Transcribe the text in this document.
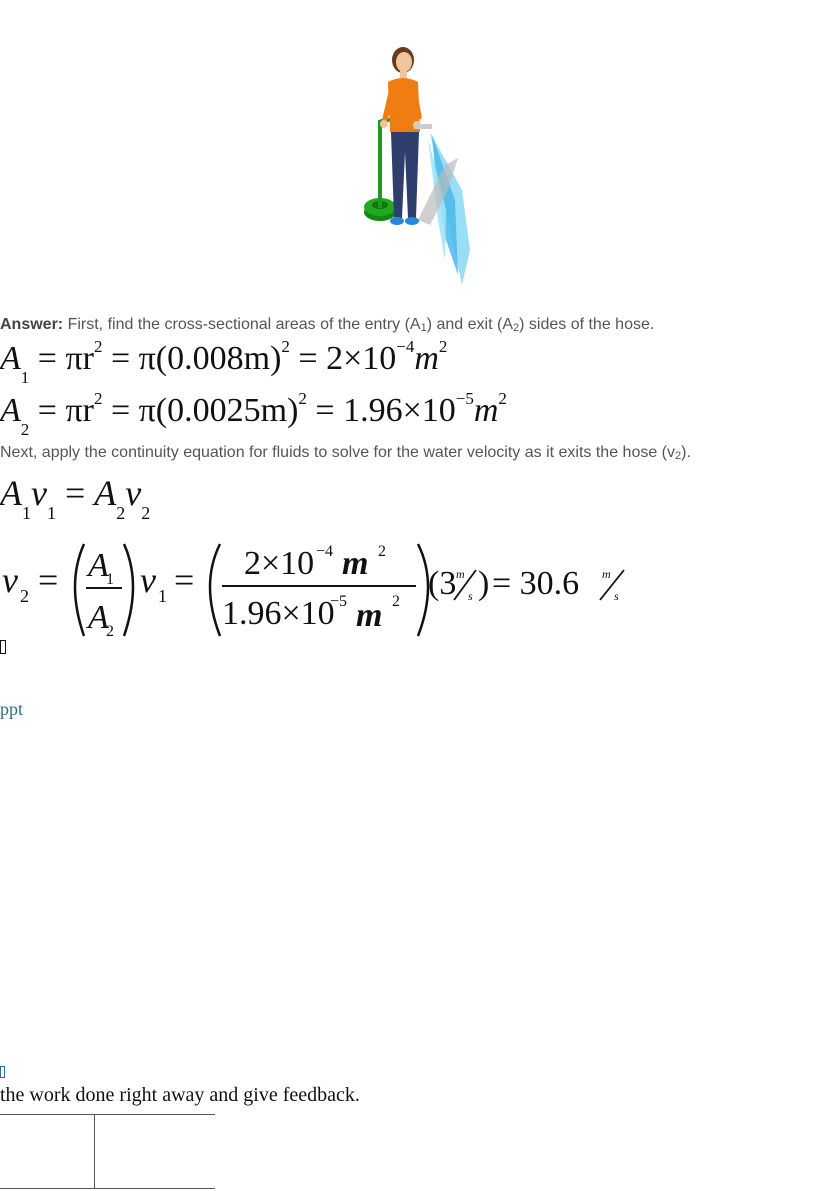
Answer: First, find the cross-sectional areas of the entry (A1) and exit (A2) sides of the hose.
$A_1 = \pi r^2 = \pi(0.008m)^2 = 2\times 10^{-4}m^2$
$A_2 = \pi r^2 = \pi(0.0025m)^2 = 1.96\times 10^{-5}m^2$
Next, apply the continuity equation for fluids to solve for the water velocity as it exits the hose (v2).
$A_1v_1 = A_2v_2$
v 2 = A
1
A
2
v 1 = 2×10 −4 m 2
1.96×10
−5 m 2 (3 m
s ) = 30.6 m
s
ppt
the work done right away and give feedback.
